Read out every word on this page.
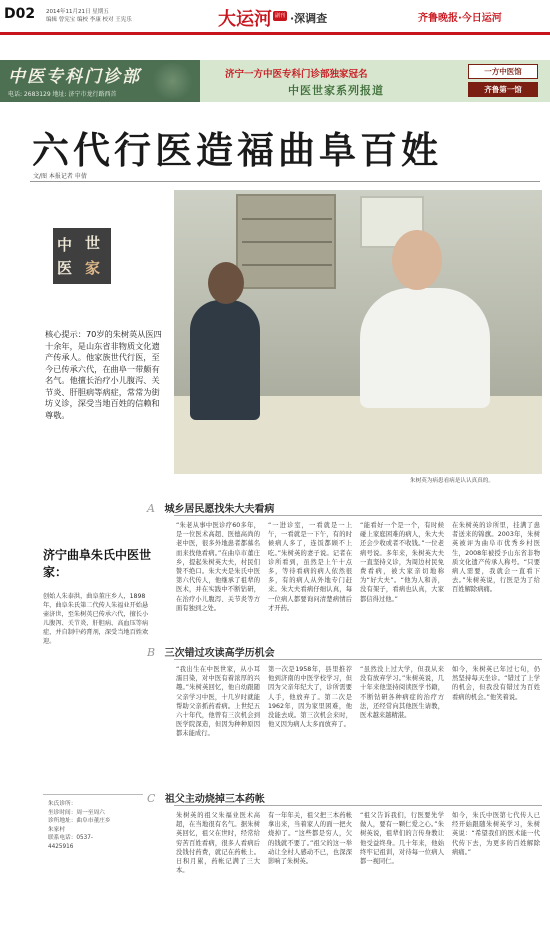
D02 2014年11月21日 星期五
编辑 曾宪宝 编校 李康 校对 王宪乐	大运河 副刊 ·深调查	齐鲁晚报·今日运河
中医专科门诊部
电话: 2683129 地址: 济宁市龙行路西首
济宁一方中医专科门诊部独家冠名
中医世家系列报道
一方中医馆
齐鲁第一馆
六代行医造福曲阜百姓
文/图 本报记者 申倩
中
医
世
家
核心提示：70岁的朱树英从医四十余年，是山东省非物质文化遗产传承人。他家族世代行医，至今已传承六代，在曲阜一带颇有名气。他擅长治疗小儿腹泻、关节炎、肝胆病等病症，常常为街坊义诊，深受当地百姓的信赖和尊敬。
济宁曲阜朱氏中医世家：
创始人朱泰洪，曲阜董庄乡人，1898年，曲阜朱氏第二代传人朱福业开始悬壶济世，至朱树英已传承六代，擅长小儿腹泻、关节炎、肝胆病、高血压等病症，并自制中药膏剂，深受当地百姓欢迎。
朱氏诊所：
坐诊时间：周一至周六
诊所地址：曲阜市董庄乡
朱家村
联系电话：0537-
4425916
朱树英为病患看病是认认真真的。
A 城乡居民愿找朱大夫看病
“朱老从事中医诊疗60多年，是一位医术高超、医德高尚的老中医，很多外地患者都慕名而来找他看病。”在曲阜市董庄乡，提起朱树英大夫，村民们赞不绝口。朱大夫是朱氏中医第六代传人，他继承了祖辈的医术，并在实践中不断钻研，在治疗小儿腹泻、关节炎等方面有独到之处。
“一进诊室，一看就是一上午，一看就是一下午，有的时候病人多了，连饭都顾不上吃。”朱树英的妻子说。记者在诊所看到，虽然是上午十点多，等待看病的病人依然很多，有的病人从外地专门赶来。朱大夫看病仔细认真，每一位病人都要询问清楚病情后才开药。
“能看好一个是一个，有时候碰上家庭困难的病人，朱大夫还会少收或者不收钱。”一位老病号说。多年来，朱树英大夫一直坚持义诊，为周边村民免费看病，被大家亲切地称为“好大夫”。“他为人和善，没有架子，看病也认真，大家都信得过他。”
在朱树英的诊所里，挂满了患者送来的锦旗。2003年，朱树英被评为曲阜市优秀乡村医生，2008年被授予山东省非物质文化遗产传承人称号。“只要病人需要，我就会一直看下去。”朱树英说，行医是为了给百姓解除病痛。
B 三次错过攻读高学历机会
“我出生在中医世家，从小耳濡目染，对中医有着浓厚的兴趣。”朱树英回忆，他自幼跟随父亲学习中医，十几岁时就能帮助父亲抓药看病。上世纪五六十年代，他曾有三次机会到医学院深造，但因为种种原因都未能成行。
第一次是1958年，县里推荐他到济南的中医学校学习，但因为父亲年纪大了，诊所需要人手，他放弃了。第二次是1962年，因为家里困难，他没能去成。第三次机会来时，他又因为病人太多而放弃了。
“虽然没上过大学，但我从来没有放弃学习。”朱树英说，几十年来他坚持阅读医学书籍，不断钻研各种病症的治疗方法，还经常向其他医生请教，医术越来越精湛。
如今，朱树英已年过七旬，仍然坚持每天坐诊。“错过了上学的机会，但我没有错过为百姓看病的机会。”他笑着说。
C 祖父主动烧掉三本药帐
朱树英的祖父朱福业医术高超，在当地很有名气。据朱树英回忆，祖父在世时，经常给穷苦百姓看病，很多人看病后没钱付药费，就记在药帐上。日积月累，药帐记满了三大本。
有一年年关，祖父把三本药帐拿出来，当着家人的面一把火烧掉了。“这些都是穷人，欠的钱就不要了。”祖父的这一举动让全村人感动不已，也深深影响了朱树英。
“祖父告诉我们，行医要先学做人，要有一颗仁爱之心。”朱树英说，祖辈们的言传身教让他受益终身。几十年来，他始终牢记祖训，对待每一位病人都一视同仁。
如今，朱氏中医第七代传人已经开始跟随朱树英学习，朱树英说：“希望我们的医术能一代代传下去，为更多的百姓解除病痛。”
